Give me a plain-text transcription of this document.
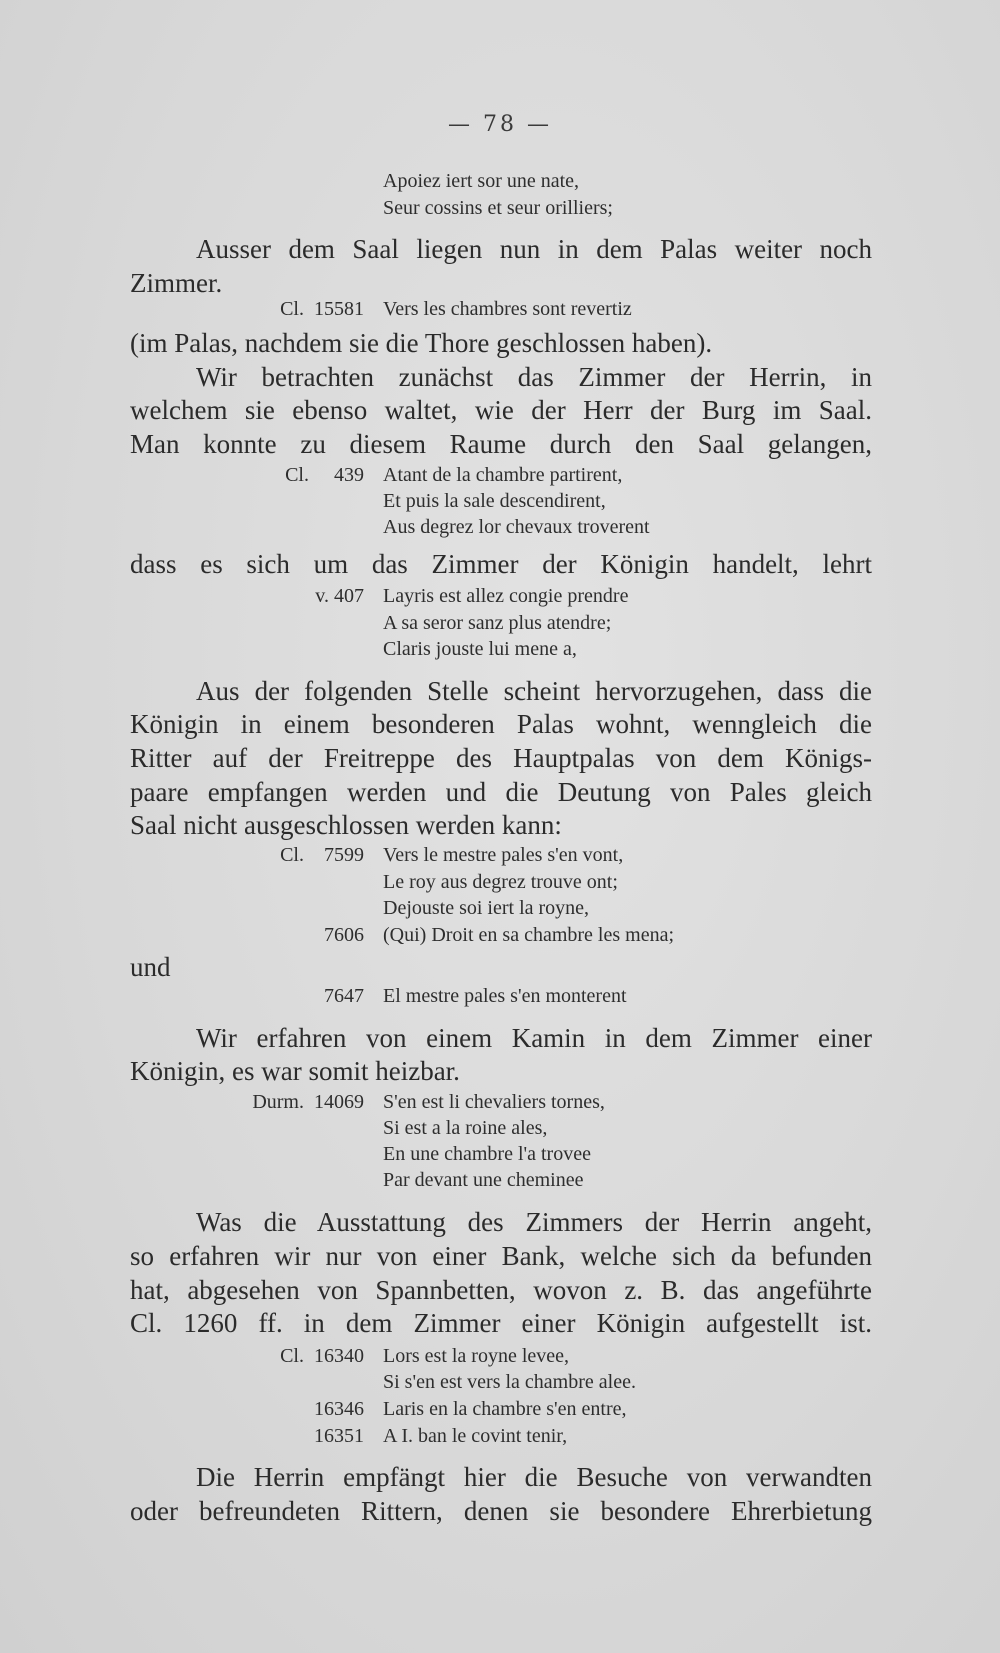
— 78 —
Apoiez iert sor une nate,
Seur cossins et seur orilliers;
Ausser dem Saal liegen nun in dem Palas weiter noch
Zimmer.
Cl.  15581 Vers les chambres sont revertiz
(im Palas, nachdem sie die Thore geschlossen haben).
Wir betrachten zunächst das Zimmer der Herrin, in
welchem sie ebenso waltet, wie der Herr der Burg im Saal.
Man konnte zu diesem Raume durch den Saal gelangen,
Cl.     439 Atant de la chambre partirent,
Et puis la sale descendirent,
Aus degrez lor chevaux troverent
dass es sich um das Zimmer der Königin handelt, lehrt
v. 407 Layris est allez congie prendre
A sa seror sanz plus atendre;
Claris jouste lui mene a,
Aus der folgenden Stelle scheint hervorzugehen, dass die
Königin in einem besonderen Palas wohnt, wenngleich die
Ritter auf der Freitreppe des Hauptpalas von dem Königs-
paare empfangen werden und die Deutung von Pales gleich
Saal nicht ausgeschlossen werden kann:
Cl.    7599 Vers le mestre pales s'en vont,
Le roy aus degrez trouve ont;
Dejouste soi iert la royne,
7606 (Qui) Droit en sa chambre les mena;
und
7647 El mestre pales s'en monterent
Wir erfahren von einem Kamin in dem Zimmer einer
Königin, es war somit heizbar.
Durm.  14069 S'en est li chevaliers tornes,
Si est a la roine ales,
En une chambre l'a trovee
Par devant une cheminee
Was die Ausstattung des Zimmers der Herrin angeht,
so erfahren wir nur von einer Bank, welche sich da befunden
hat, abgesehen von Spannbetten, wovon z. B. das angeführte
Cl. 1260 ff. in dem Zimmer einer Königin aufgestellt ist.
Cl.  16340 Lors est la royne levee,
Si s'en est vers la chambre alee.
16346 Laris en la chambre s'en entre,
16351 A I. ban le covint tenir,
Die Herrin empfängt hier die Besuche von verwandten
oder befreundeten Rittern, denen sie besondere Ehrerbietung
